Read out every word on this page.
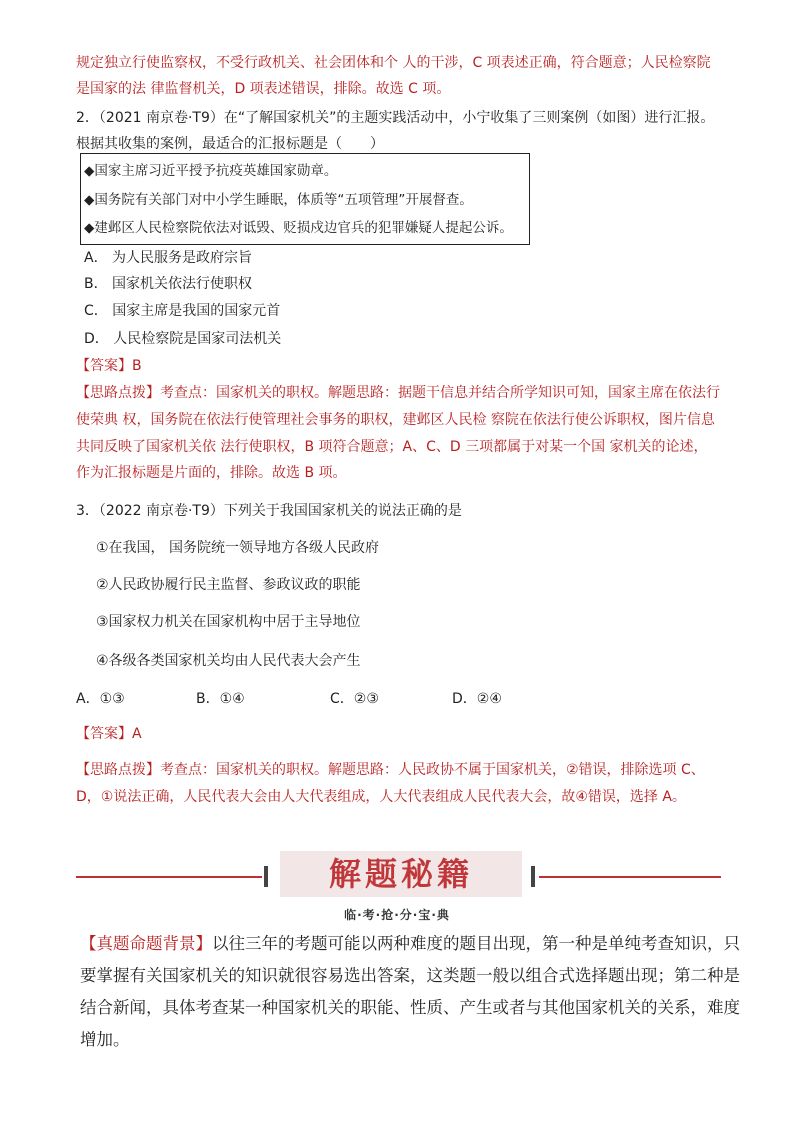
规定独立行使监察权，不受行政机关、社会团体和个 人的干涉，C 项表述正确，符合题意；人民检察院
是国家的法 律监督机关，D 项表述错误，排除。故选 C 项。
2．（2021 南京卷·T9）在“了解国家机关”的主题实践活动中，小宁收集了三则案例（如图）进行汇报。
根据其收集的案例，最适合的汇报标题是（　　）
◆国家主席习近平授予抗疫英雄国家勋章。
◆国务院有关部门对中小学生睡眠，体质等“五项管理”开展督查。
◆建邺区人民检察院依法对诋毁、贬损戍边官兵的犯罪嫌疑人提起公诉。
A． 为人民服务是政府宗旨
B． 国家机关依法行使职权
C． 国家主席是我国的国家元首
D． 人民检察院是国家司法机关
【答案】B
【思路点拨】考查点：国家机关的职权。解题思路：据题干信息并结合所学知识可知，国家主席在依法行
使荣典 权，国务院在依法行使管理社会事务的职权，建邺区人民检 察院在依法行使公诉职权，图片信息
共同反映了国家机关依 法行使职权，B 项符合题意；A、C、D 三项都属于对某一个国 家机关的论述，
作为汇报标题是片面的，排除。故选 B 项。
3．（2022 南京卷·T9）下列关于我国国家机关的说法正确的是
①在我国， 国务院统一领导地方各级人民政府
②人民政协履行民主监督、参政议政的职能
③国家权力机关在国家机构中居于主导地位
④各级各类国家机关均由人民代表大会产生
A．①③	B．①④	C．②③	D．②④
【答案】A
【思路点拨】考查点：国家机关的职权。解题思路：人民政协不属于国家机关，②错误，排除选项 C、
D，①说法正确，人民代表大会由人大代表组成，人大代表组成人民代表大会，故④错误，选择 A。
解题秘籍
临·考·抢·分·宝·典
【真题命题背景】以往三年的考题可能以两种难度的题目出现，第一种是单纯考查知识，只
要掌握有关国家机关的知识就很容易选出答案，这类题一般以组合式选择题出现；第二种是
结合新闻，具体考查某一种国家机关的职能、性质、产生或者与其他国家机关的关系，难度
增加。
